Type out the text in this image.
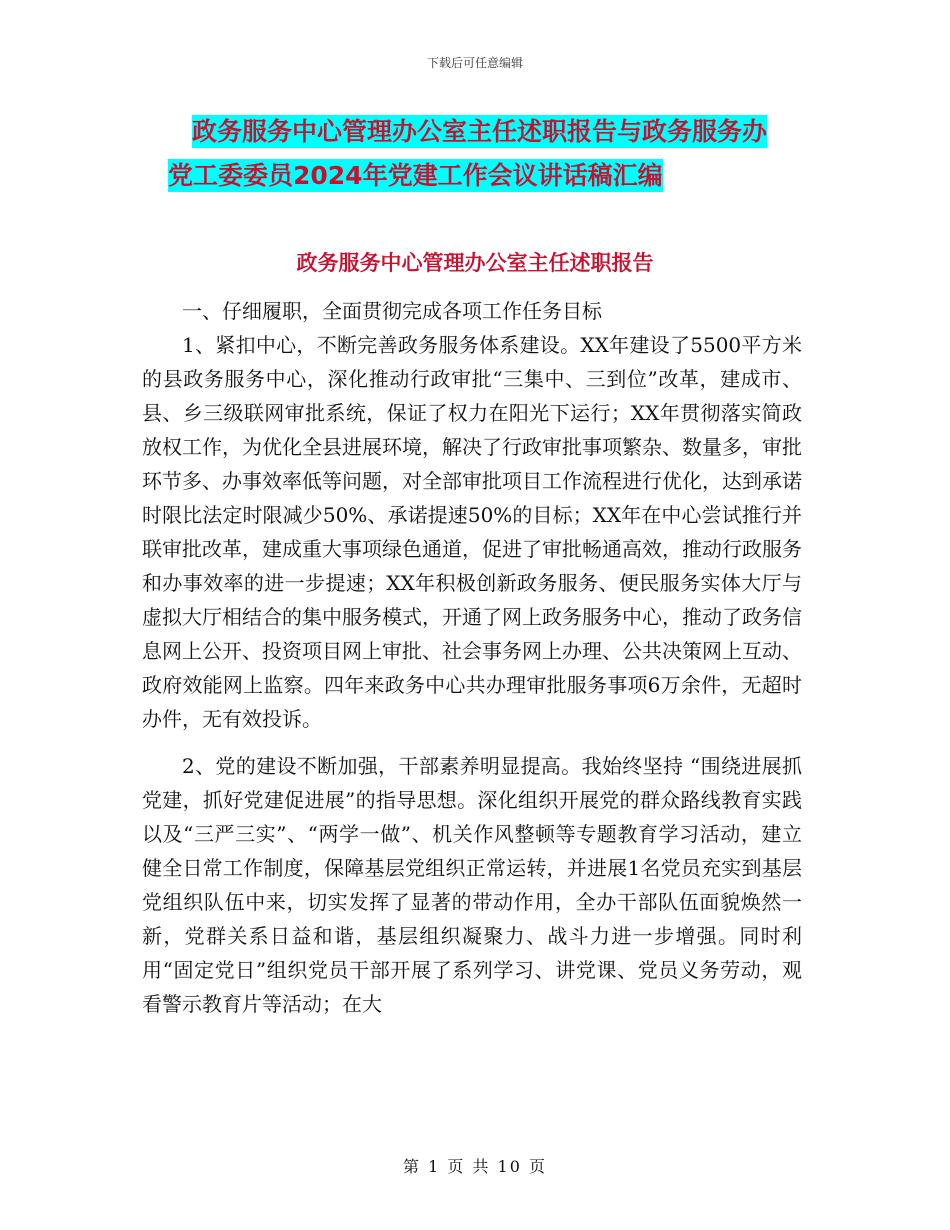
下载后可任意编辑
政务服务中心管理办公室主任述职报告与政务服务办
党工委委员2024年党建工作会议讲话稿汇编
政务服务中心管理办公室主任述职报告

一、仔细履职，全面贯彻完成各项工作任务目标

1、紧扣中心，不断完善政务服务体系建设。XX年建设了5500平方米的县政务服务中心，深化推动行政审批“三集中、三到位”改革，建成市、县、乡三级联网审批系统，保证了权力在阳光下运行；XX年贯彻落实简政放权工作，为优化全县进展环境，解决了行政审批事项繁杂、数量多，审批环节多、办事效率低等问题，对全部审批项目工作流程进行优化，达到承诺时限比法定时限减少50%、承诺提速50%的目标；XX年在中心尝试推行并联审批改革，建成重大事项绿色通道，促进了审批畅通高效，推动行政服务和办事效率的进一步提速；XX年积极创新政务服务、便民服务实体大厅与虚拟大厅相结合的集中服务模式，开通了网上政务服务中心，推动了政务信息网上公开、投资项目网上审批、社会事务网上办理、公共决策网上互动、政府效能网上监察。四年来政务中心共办理审批服务事项6万余件，无超时办件，无有效投诉。

2、党的建设不断加强，干部素养明显提高。我始终坚持 “围绕进展抓党建，抓好党建促进展”的指导思想。深化组织开展党的群众路线教育实践以及“三严三实”、“两学一做”、机关作风整顿等专题教育学习活动，建立健全日常工作制度，保障基层党组织正常运转，并进展1名党员充实到基层党组织队伍中来，切实发挥了显著的带动作用，全办干部队伍面貌焕然一新，党群关系日益和谐，基层组织凝聚力、战斗力进一步增强。同时利用“固定党日”组织党员干部开展了系列学习、讲党课、党员义务劳动，观看警示教育片等活动；在大

第 1 页 共 10 页
